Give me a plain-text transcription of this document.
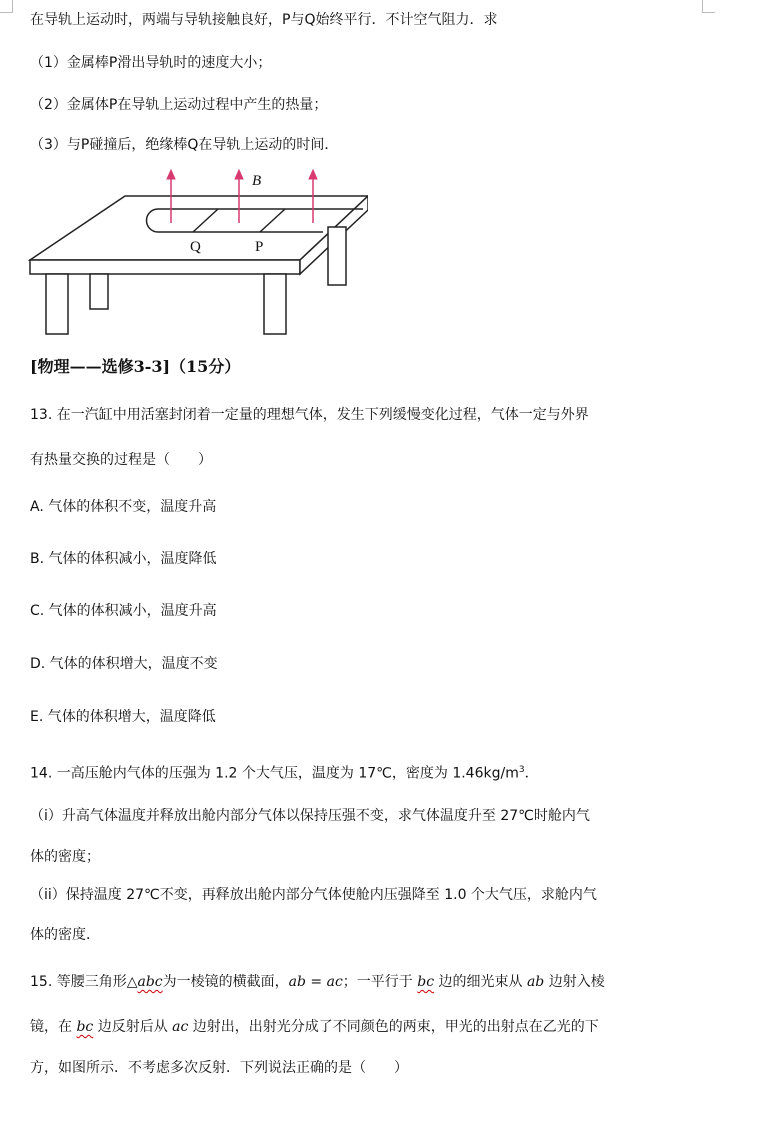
在导轨上运动时，两端与导轨接触良好，P与Q始终平行．不计空气阻力．求
（1）金属棒P滑出导轨时的速度大小；
（2）金属体P在导轨上运动过程中产生的热量；
（3）与P碰撞后，绝缘棒Q在导轨上运动的时间．
B
Q	P
[物理——选修3-3]（15分）
13. 在一汽缸中用活塞封闭着一定量的理想气体，发生下列缓慢变化过程，气体一定与外界
有热量交换的过程是（　　）
A. 气体的体积不变，温度升高
B. 气体的体积减小，温度降低
C. 气体的体积减小，温度升高
D. 气体的体积增大，温度不变
E. 气体的体积增大，温度降低
14. 一高压舱内气体的压强为 1.2 个大气压，温度为 17℃，密度为 $1.46kg/m^3$．
（i）升高气体温度并释放出舱内部分气体以保持压强不变，求气体温度升至 27℃时舱内气
体的密度；
（ii）保持温度 27℃不变，再释放出舱内部分气体使舱内压强降至 1.0 个大气压，求舱内气
体的密度．
15. 等腰三角形△abc为一棱镜的横截面，ab = ac；一平行于 bc 边的细光束从 ab 边射入棱
镜，在 bc 边反射后从 ac 边射出，出射光分成了不同颜色的两束，甲光的出射点在乙光的下
方，如图所示．不考虑多次反射．下列说法正确的是（　　）
